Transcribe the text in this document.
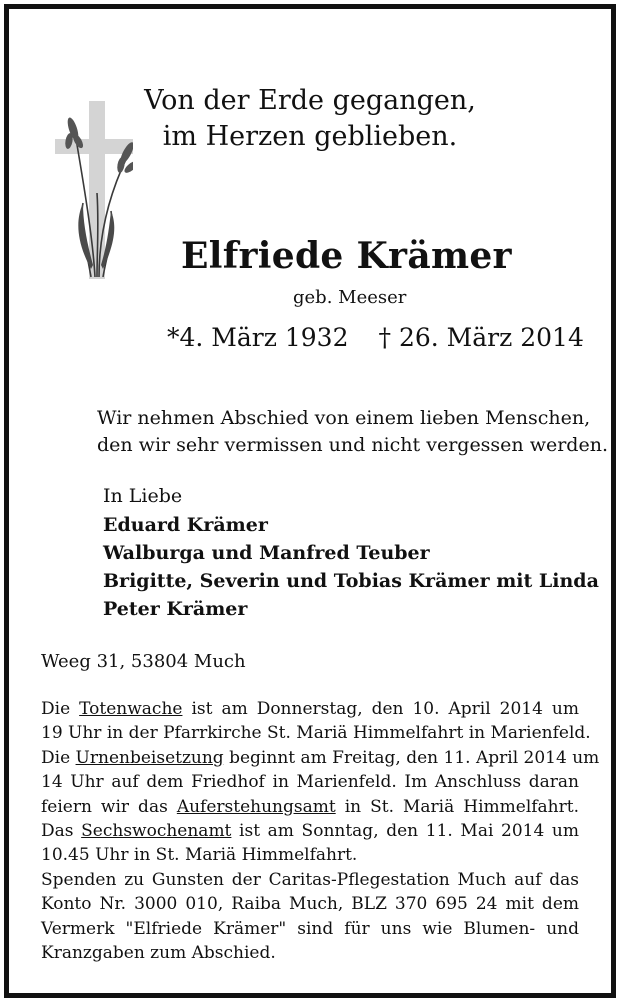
Von der Erde gegangen,
im Herzen geblieben.
Elfriede Krämer
geb. Meeser
*4. März 1932 † 26. März 2014
Wir nehmen Abschied von einem lieben Menschen,
den wir sehr vermissen und nicht vergessen werden.
In Liebe
Eduard Krämer
Walburga und Manfred Teuber
Brigitte, Severin und Tobias Krämer mit Linda
Peter Krämer
Weeg 31, 53804 Much
Die Totenwache ist am Donnerstag, den 10. April 2014 um
19 Uhr in der Pfarrkirche St. Mariä Himmelfahrt in Marienfeld.
Die Urnenbeisetzung beginnt am Freitag, den 11. April 2014 um
14 Uhr auf dem Friedhof in Marienfeld. Im Anschluss daran
feiern wir das Auferstehungsamt in St. Mariä Himmelfahrt.
Das Sechswochenamt ist am Sonntag, den 11. Mai 2014 um
10.45 Uhr in St. Mariä Himmelfahrt.
Spenden zu Gunsten der Caritas-Pflegestation Much auf das
Konto Nr. 3000 010, Raiba Much, BLZ 370 695 24 mit dem
Vermerk "Elfriede Krämer" sind für uns wie Blumen- und
Kranzgaben zum Abschied.
